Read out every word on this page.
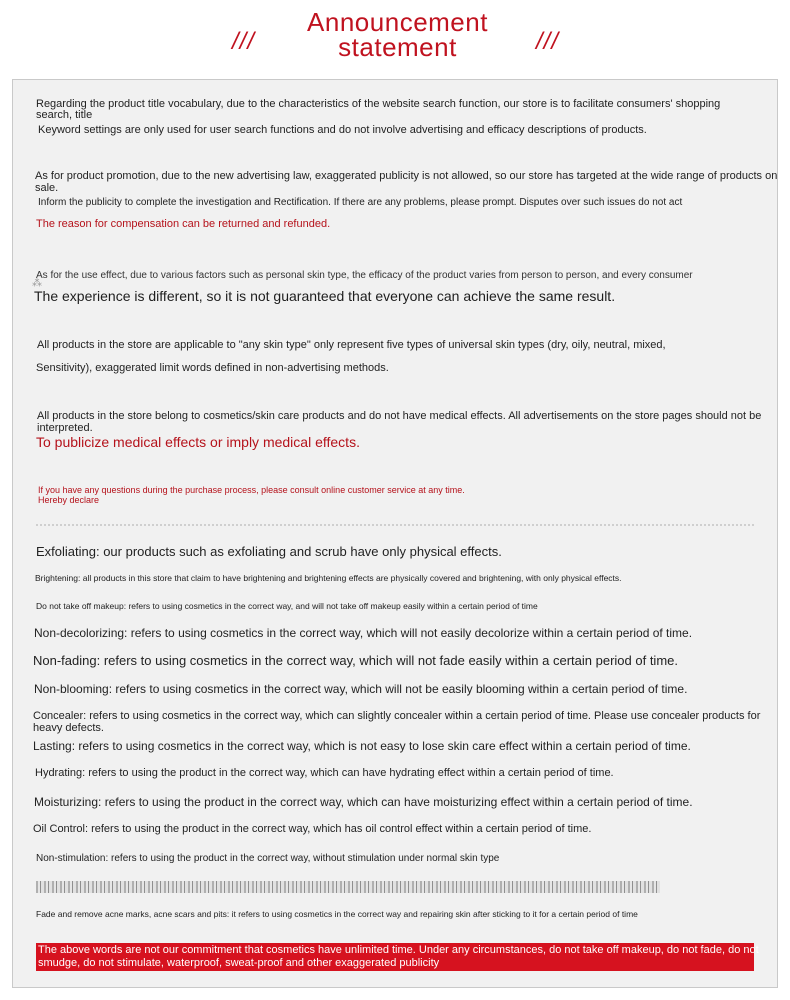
///
Announcement
statement	///
Regarding the product title vocabulary, due to the characteristics of the website search function, our store is to facilitate consumers' shopping search, title
Keyword settings are only used for user search functions and do not involve advertising and efficacy descriptions of products.
As for product promotion, due to the new advertising law, exaggerated publicity is not allowed, so our store has targeted at the wide range of products on sale.
Inform the publicity to complete the investigation and Rectification. If there are any problems, please prompt. Disputes over such issues do not act
The reason for compensation can be returned and refunded.
As for the use effect, due to various factors such as personal skin type, the efficacy of the product varies from person to person, and every consumer
⁂
The experience is different, so it is not guaranteed that everyone can achieve the same result.
All products in the store are applicable to "any skin type" only represent five types of universal skin types (dry, oily, neutral, mixed,
Sensitivity), exaggerated limit words defined in non-advertising methods.
All products in the store belong to cosmetics/skin care products and do not have medical effects. All advertisements on the store pages should not be interpreted.
To publicize medical effects or imply medical effects.
If you have any questions during the purchase process, please consult online customer service at any time.
Hereby declare
Exfoliating: our products such as exfoliating and scrub have only physical effects.
Brightening: all products in this store that claim to have brightening and brightening effects are physically covered and brightening, with only physical effects.
Do not take off makeup: refers to using cosmetics in the correct way, and will not take off makeup easily within a certain period of time
Non-decolorizing: refers to using cosmetics in the correct way, which will not easily decolorize within a certain period of time.
Non-fading: refers to using cosmetics in the correct way, which will not fade easily within a certain period of time.
Non-blooming: refers to using cosmetics in the correct way, which will not be easily blooming within a certain period of time.
Concealer: refers to using cosmetics in the correct way, which can slightly concealer within a certain period of time. Please use concealer products for heavy defects.
Lasting: refers to using cosmetics in the correct way, which is not easy to lose skin care effect within a certain period of time.
Hydrating: refers to using the product in the correct way, which can have hydrating effect within a certain period of time.
Moisturizing: refers to using the product in the correct way, which can have moisturizing effect within a certain period of time.
Oil Control: refers to using the product in the correct way, which has oil control effect within a certain period of time.
Non-stimulation: refers to using the product in the correct way, without stimulation under normal skin type
Fade and remove acne marks, acne scars and pits: it refers to using cosmetics in the correct way and repairing skin after sticking to it for a certain period of time
The above words are not our commitment that cosmetics have unlimited time. Under any circumstances, do not take off makeup, do not fade, do not smudge, do not stimulate, waterproof, sweat-proof and other exaggerated publicity
